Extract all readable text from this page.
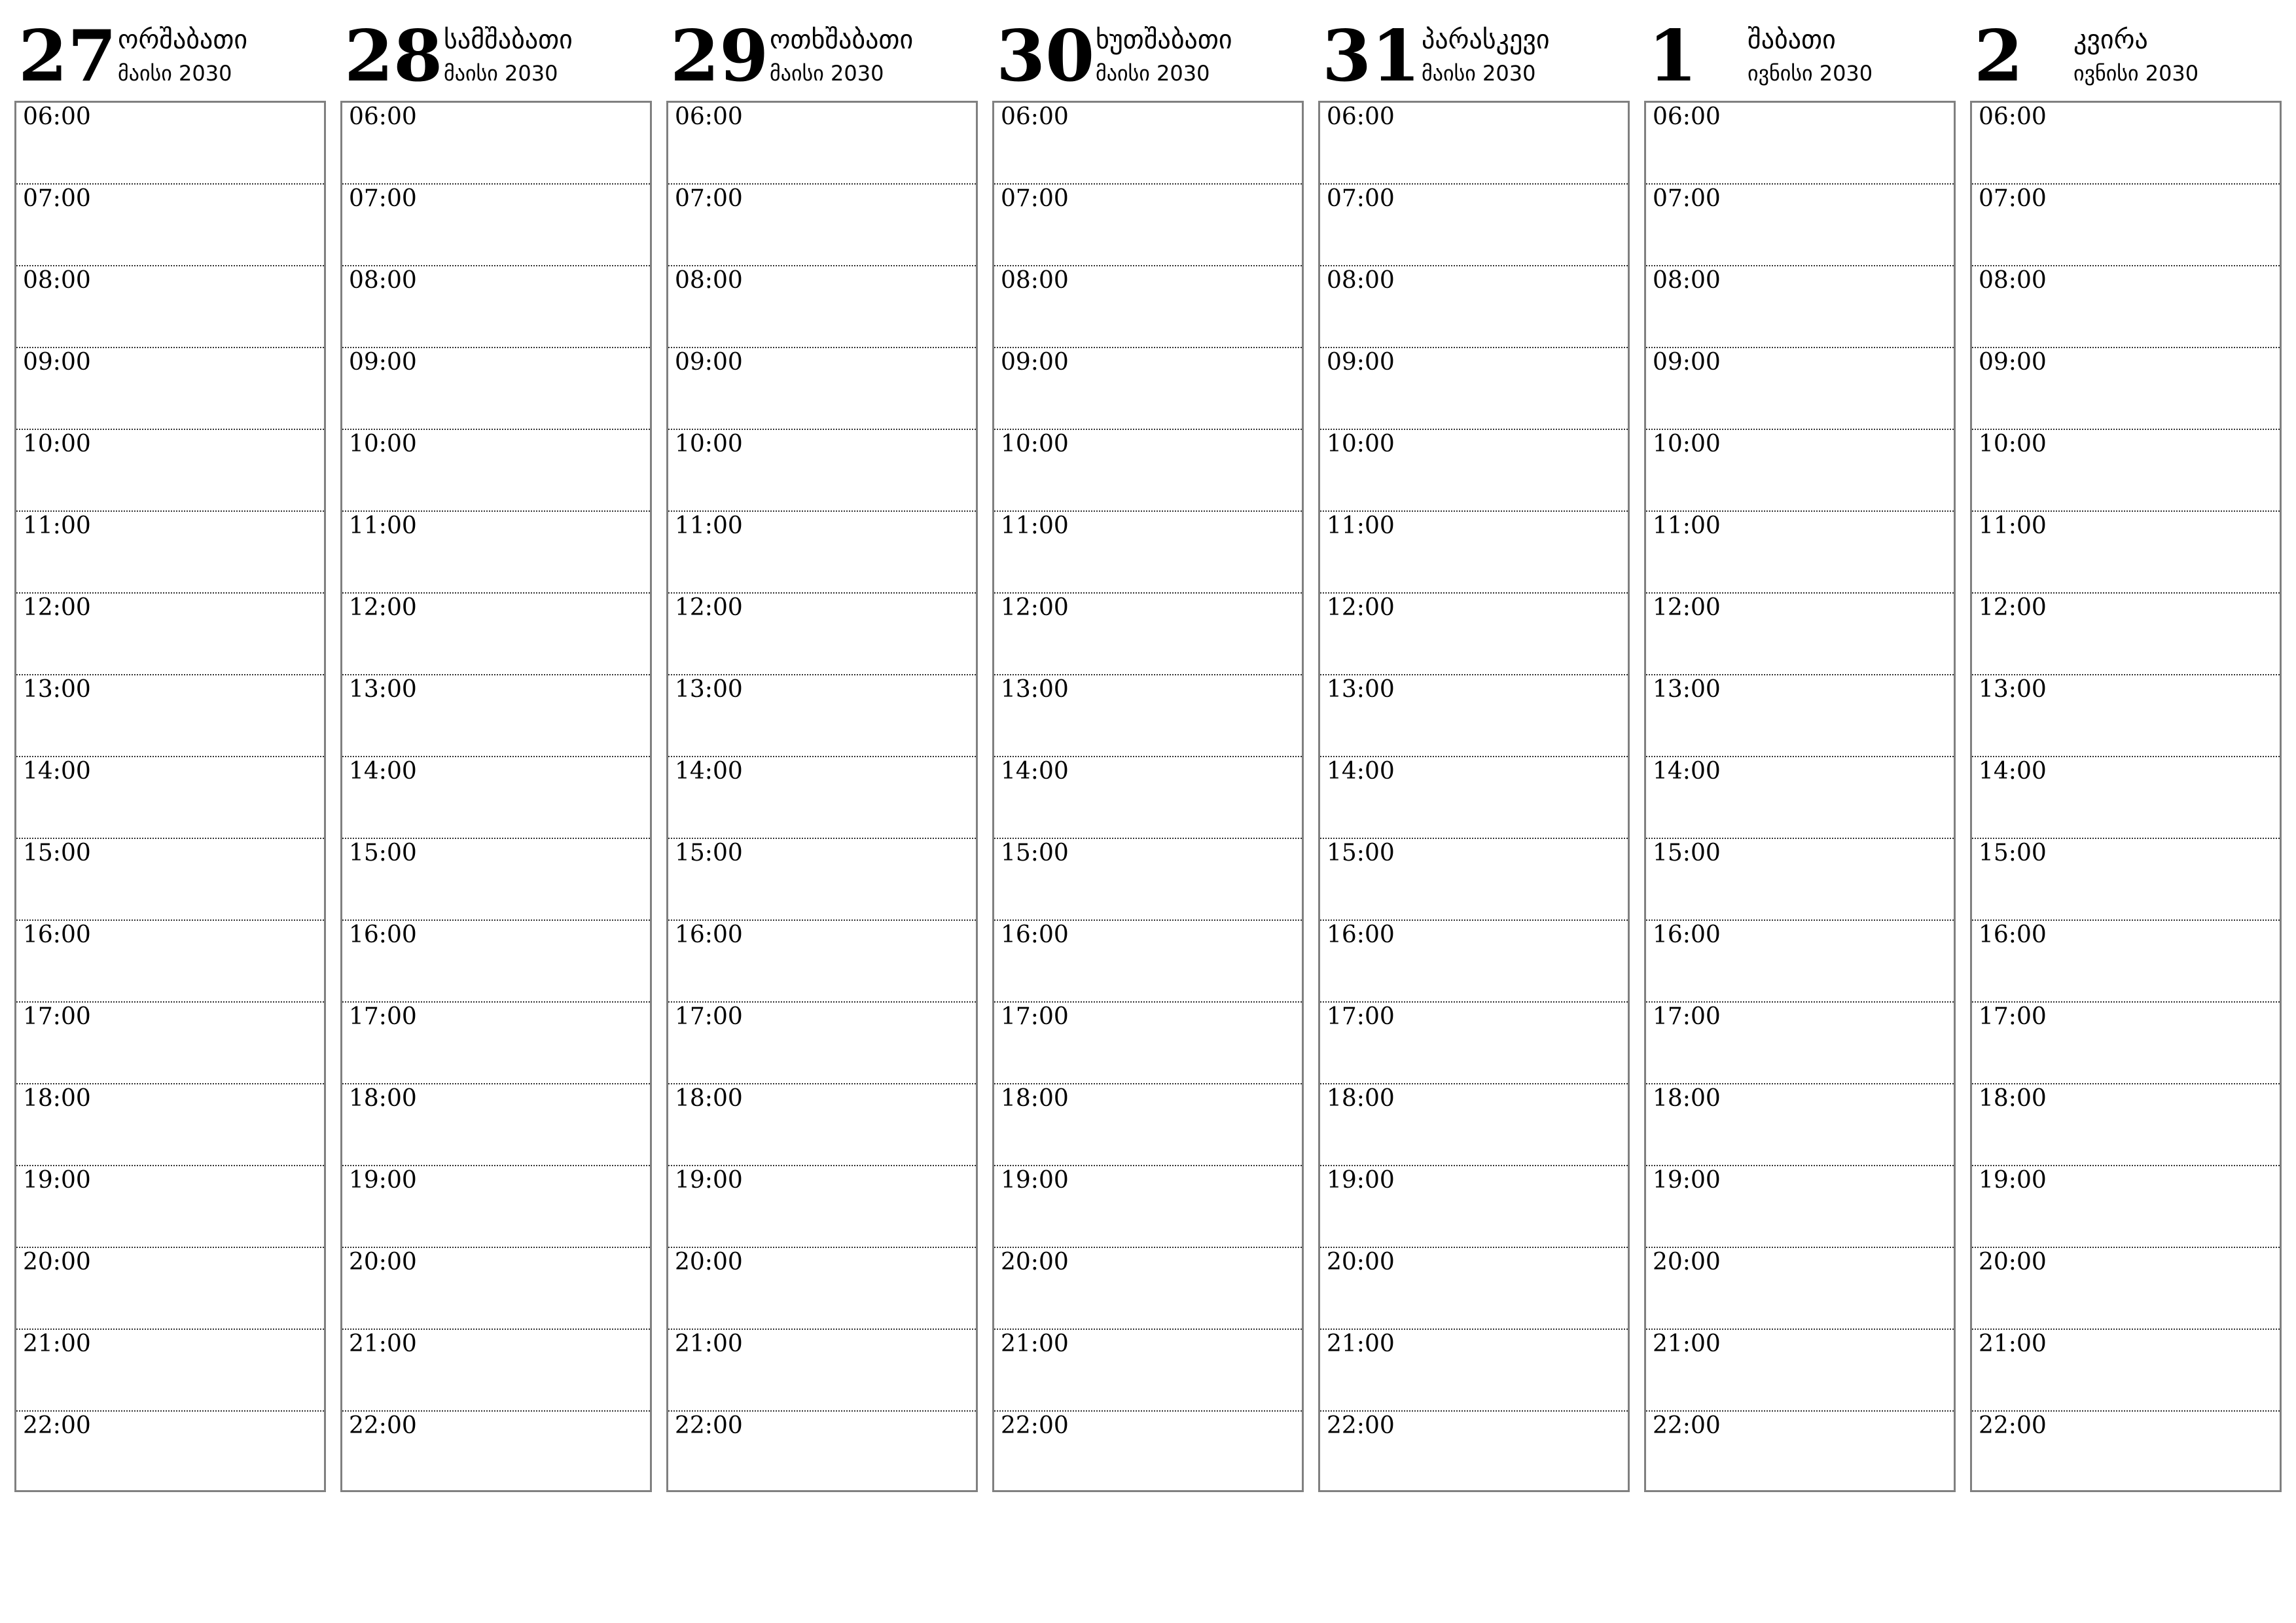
27 ორშაბათი
მაისი 2030
06:00
07:00
08:00
09:00
10:00
11:00
12:00
13:00
14:00
15:00
16:00
17:00
18:00
19:00
20:00
21:00
22:00
28 სამშაბათი
მაისი 2030
06:00
07:00
08:00
09:00
10:00
11:00
12:00
13:00
14:00
15:00
16:00
17:00
18:00
19:00
20:00
21:00
22:00
29 ოთხშაბათი
მაისი 2030
06:00
07:00
08:00
09:00
10:00
11:00
12:00
13:00
14:00
15:00
16:00
17:00
18:00
19:00
20:00
21:00
22:00
30 ხუთშაბათი
მაისი 2030
06:00
07:00
08:00
09:00
10:00
11:00
12:00
13:00
14:00
15:00
16:00
17:00
18:00
19:00
20:00
21:00
22:00
31 პარასკევი
მაისი 2030
06:00
07:00
08:00
09:00
10:00
11:00
12:00
13:00
14:00
15:00
16:00
17:00
18:00
19:00
20:00
21:00
22:00
1 შაბათი
ივნისი 2030
06:00
07:00
08:00
09:00
10:00
11:00
12:00
13:00
14:00
15:00
16:00
17:00
18:00
19:00
20:00
21:00
22:00
2 კვირა
ივნისი 2030
06:00
07:00
08:00
09:00
10:00
11:00
12:00
13:00
14:00
15:00
16:00
17:00
18:00
19:00
20:00
21:00
22:00
